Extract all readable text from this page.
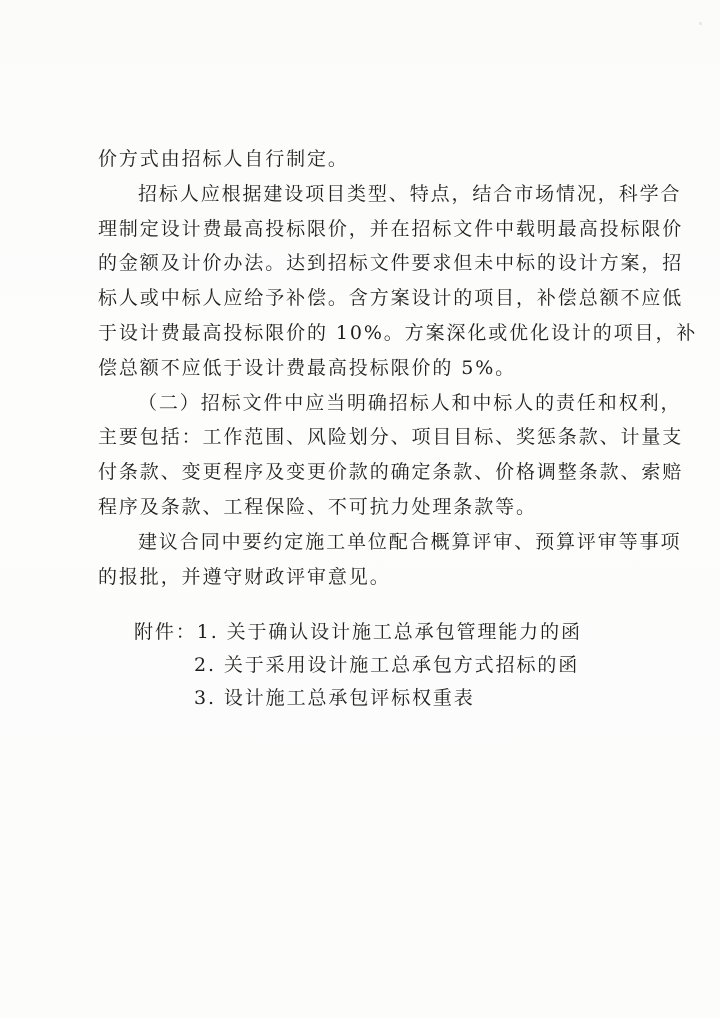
价方式由招标人自行制定。
招标人应根据建设项目类型、特点，结合市场情况，科学合
理制定设计费最高投标限价，并在招标文件中载明最高投标限价
的金额及计价办法。达到招标文件要求但未中标的设计方案，招
标人或中标人应给予补偿。含方案设计的项目，补偿总额不应低
于设计费最高投标限价的 10%。方案深化或优化设计的项目，补
偿总额不应低于设计费最高投标限价的 5%。
（二）招标文件中应当明确招标人和中标人的责任和权利，
主要包括：工作范围、风险划分、项目目标、奖惩条款、计量支
付条款、变更程序及变更价款的确定条款、价格调整条款、索赔
程序及条款、工程保险、不可抗力处理条款等。
建议合同中要约定施工单位配合概算评审、预算评审等事项
的报批，并遵守财政评审意见。
附件：1. 关于确认设计施工总承包管理能力的函
2. 关于采用设计施工总承包方式招标的函
3. 设计施工总承包评标权重表
